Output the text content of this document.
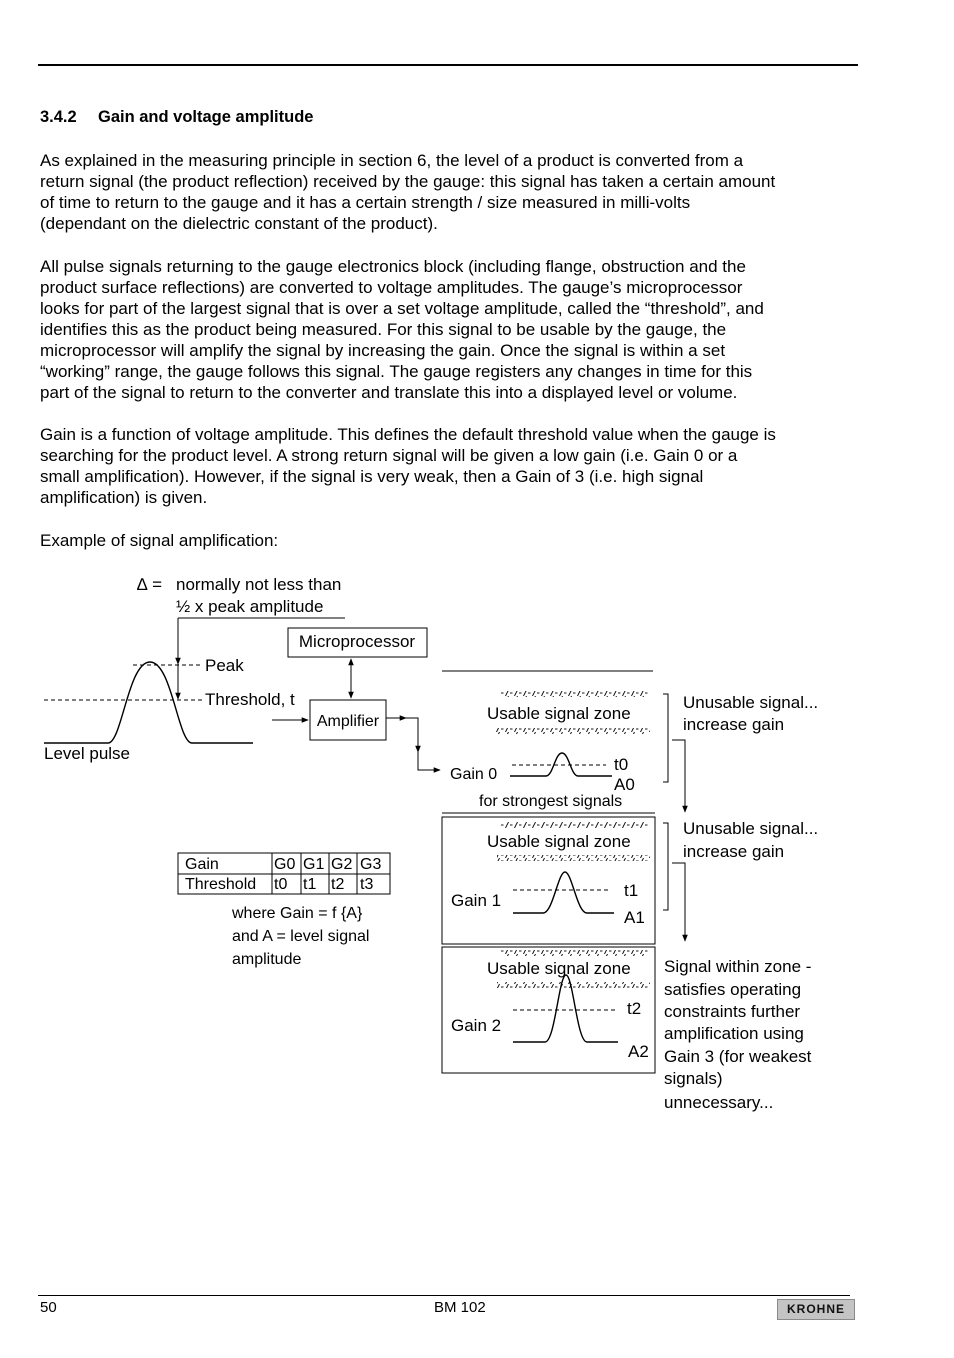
3.4.2 Gain and voltage amplitude
As explained in the measuring principle in section 6, the level of a product is converted from a
return signal (the product reflection) received by the gauge: this signal has taken a certain amount
of time to return to the gauge and it has a certain strength / size measured in milli-volts
(dependant on the dielectric constant of the product).
All pulse signals returning to the gauge electronics block (including flange, obstruction and the
product surface reflections) are converted to voltage amplitudes. The gauge’s microprocessor
looks for part of the largest signal that is over a set voltage amplitude, called the “threshold”, and
identifies this as the product being measured. For this signal to be usable by the gauge, the
microprocessor will amplify the signal by increasing the gain. Once the signal is within a set
“working” range, the gauge follows this signal. The gauge registers any changes in time for this
part of the signal to return to the converter and translate this into a displayed level or volume.
Gain is a function of voltage amplitude. This defines the default threshold value when the gauge is
searching for the product level. A strong return signal will be given a low gain (i.e. Gain 0 or a
small amplification). However, if the signal is very weak, then a Gain of 3 (i.e. high signal
amplification) is given.
Example of signal amplification:
∆ = normally not less than
½ x peak amplitude
Peak
Threshold, t
Level pulse
Microprocessor
Amplifier	Usable signal zone
Gain 0
t0
A0
for strongest signals
Usable signal zone
Gain 1
t1
A1
Usable signal zone
Gain 2
t2
A2
Unusable signal...
increase gain
Unusable signal...
increase gain
Signal within zone -
satisfies operating
constraints further
amplification using
Gain 3 (for weakest
signals)
unnecessary...
Gain	G0 G1 G2 G3
Threshold t0 t1 t2 t3
where Gain = f {A}
and A = level signal
amplitude
50	BM 102	KROHNE
